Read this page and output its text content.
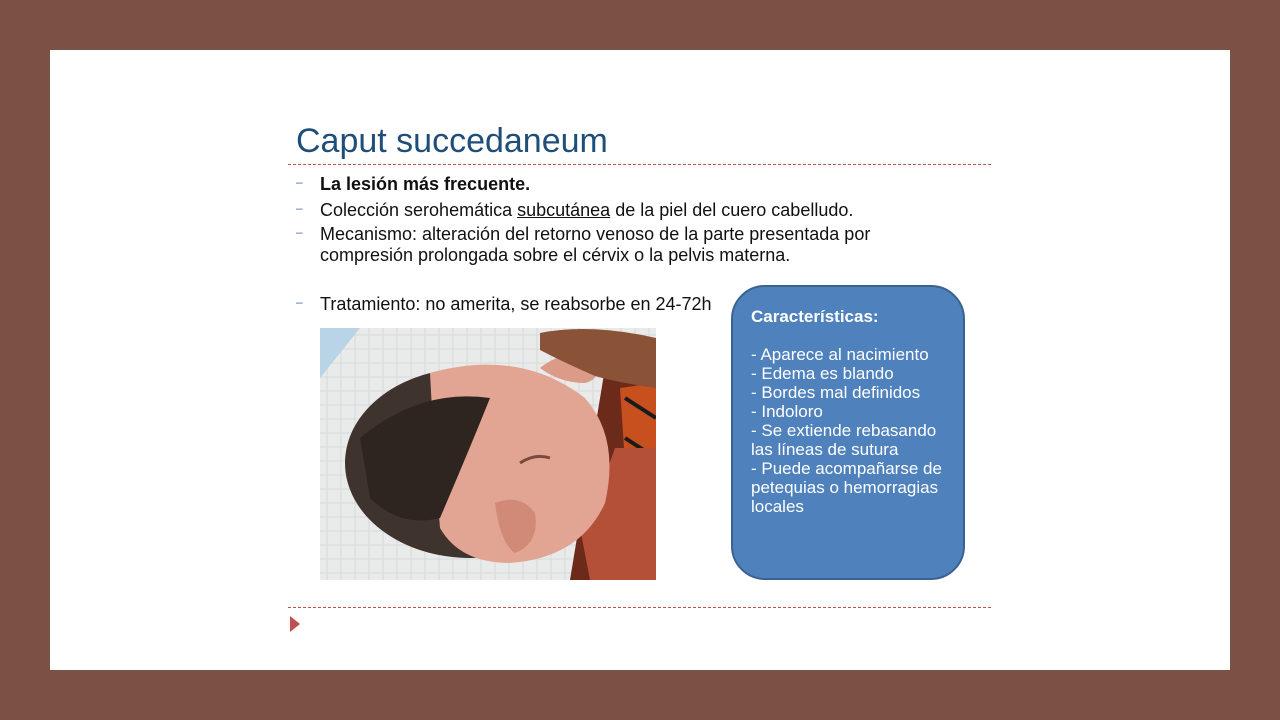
Caput succedaneum
– La lesión más frecuente.
– Colección serohemática subcutánea de la piel del cuero cabelludo.
– Mecanismo: alteración del retorno venoso de la parte presentada por compresión prolongada sobre el cérvix o la pelvis materna.
– Tratamiento: no amerita, se reabsorbe en 24-72h
Características:
- Aparece al nacimiento
- Edema es blando
- Bordes mal definidos
- Indoloro
- Se extiende rebasando las líneas de sutura
- Puede acompañarse de petequias o hemorragias locales
